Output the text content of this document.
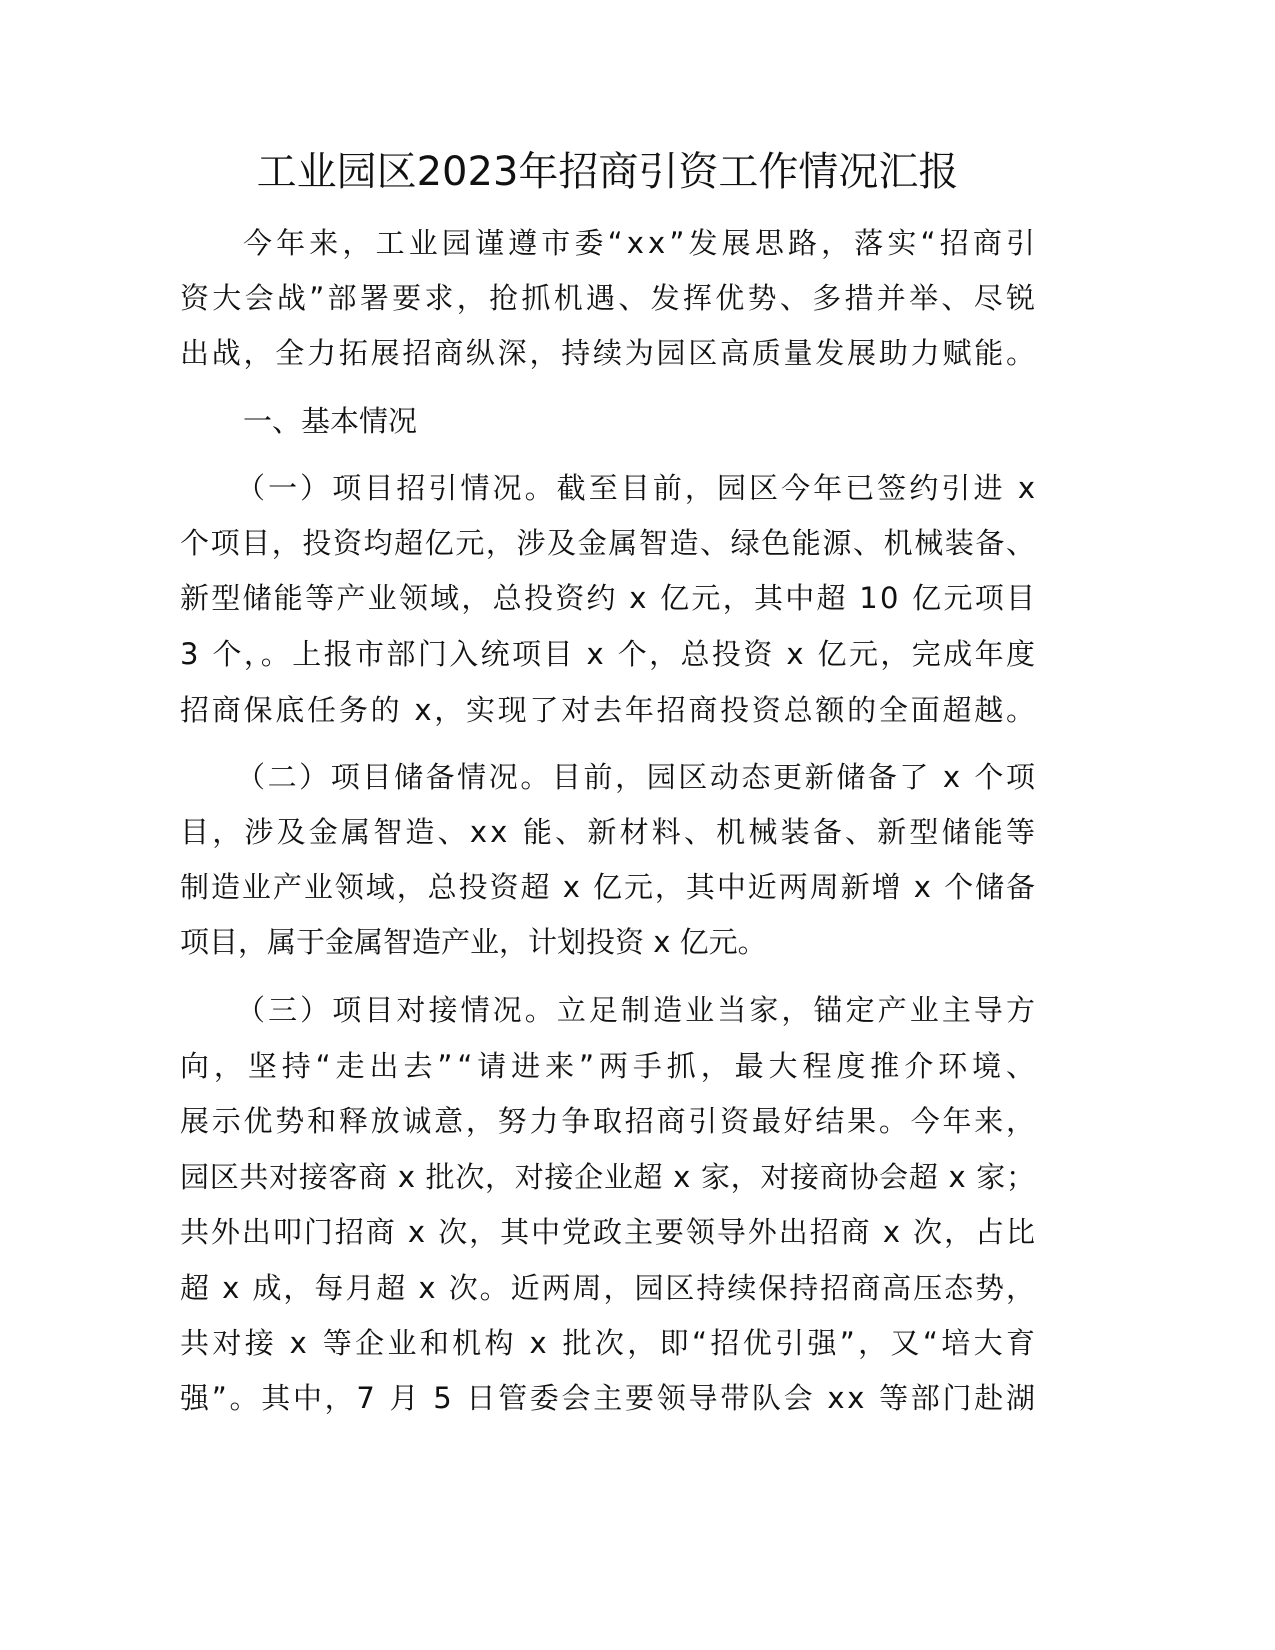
工业园区2023年招商引资工作情况汇报
今年来，工业园谨遵市委“xx”发展思路，落实“招商引
资大会战”部署要求，抢抓机遇、发挥优势、多措并举、尽锐
出战，全力拓展招商纵深，持续为园区高质量发展助力赋能。
一、基本情况
（一）项目招引情况。截至目前，园区今年已签约引进 x
个项目，投资均超亿元，涉及金属智造、绿色能源、机械装备、
新型储能等产业领域，总投资约 x 亿元，其中超 10 亿元项目
3 个，。上报市部门入统项目 x 个，总投资 x 亿元，完成年度
招商保底任务的 x，实现了对去年招商投资总额的全面超越。
（二）项目储备情况。目前，园区动态更新储备了 x 个项
目，涉及金属智造、xx 能、新材料、机械装备、新型储能等
制造业产业领域，总投资超 x 亿元，其中近两周新增 x 个储备
项目，属于金属智造产业，计划投资 x 亿元。
（三）项目对接情况。立足制造业当家，锚定产业主导方
向，坚持“走出去”“请进来”两手抓，最大程度推介环境、
展示优势和释放诚意，努力争取招商引资最好结果。今年来，
园区共对接客商 x 批次，对接企业超 x 家，对接商协会超 x 家；
共外出叩门招商 x 次，其中党政主要领导外出招商 x 次，占比
超 x 成，每月超 x 次。近两周，园区持续保持招商高压态势，
共对接 x 等企业和机构 x 批次，即“招优引强”，又“培大育
强”。其中，7 月 5 日管委会主要领导带队会 xx 等部门赴湖
